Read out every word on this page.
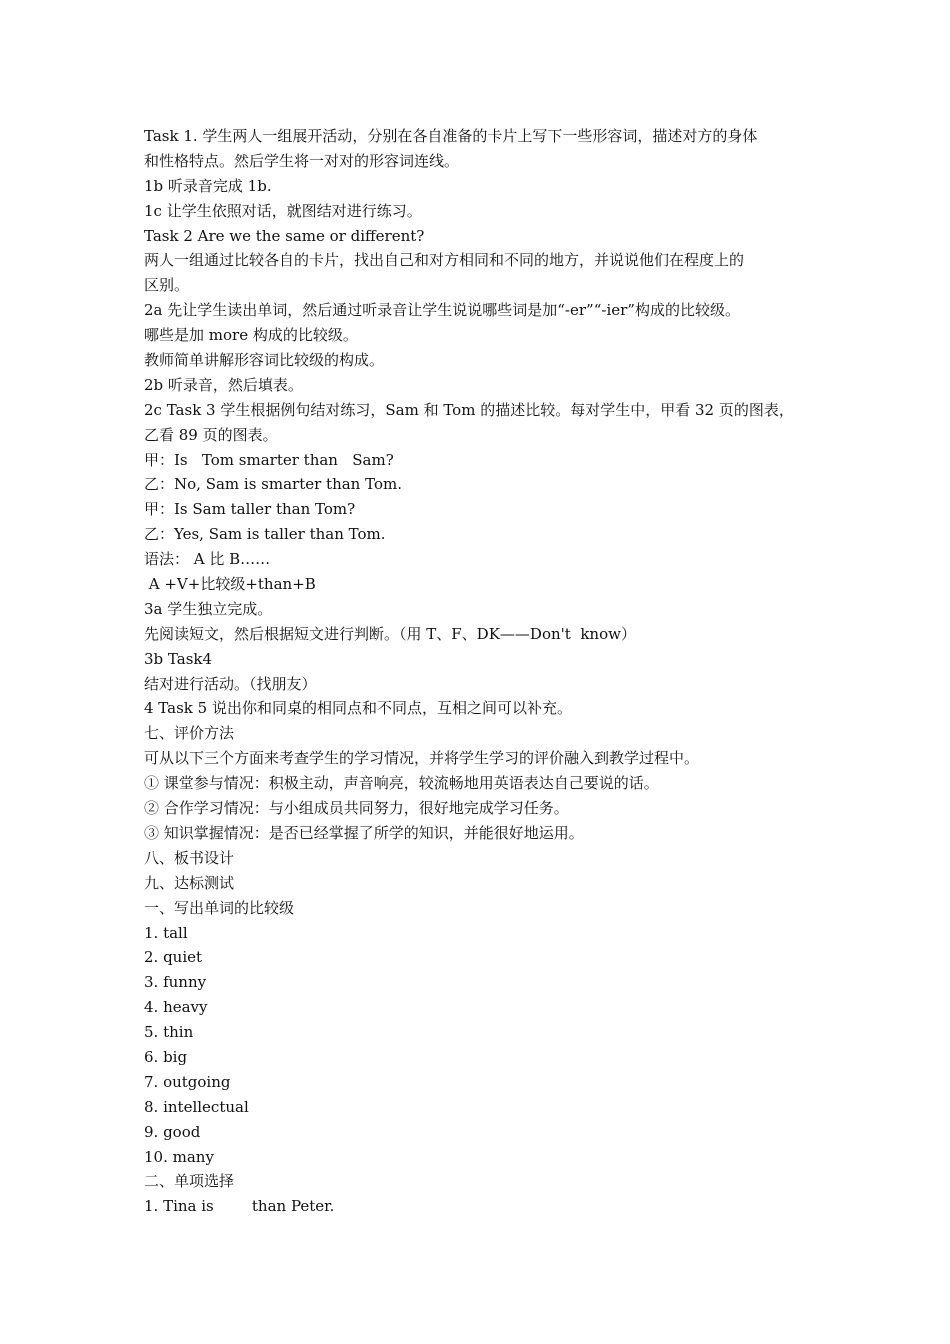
Task 1. 学生两人一组展开活动，分别在各自准备的卡片上写下一些形容词，描述对方的身体
和性格特点。然后学生将一对对的形容词连线。
1b 听录音完成 1b.
1c 让学生依照对话，就图结对进行练习。
Task 2 Are we the same or different?
两人一组通过比较各自的卡片，找出自己和对方相同和不同的地方，并说说他们在程度上的
区别。
2a 先让学生读出单词，然后通过听录音让学生说说哪些词是加“-er”“-ier”构成的比较级。
哪些是加 more 构成的比较级。
教师简单讲解形容词比较级的构成。
2b 听录音，然后填表。
2c Task 3 学生根据例句结对练习，Sam 和 Tom 的描述比较。每对学生中，甲看 32 页的图表，
乙看 89 页的图表。
甲：Is   Tom smarter than   Sam?
乙：No, Sam is smarter than Tom.
甲：Is Sam taller than Tom?
乙：Yes, Sam is taller than Tom.
语法： A 比 B……
A +V+比较级+than+B
3a 学生独立完成。
先阅读短文，然后根据短文进行判断。（用 T、F、DK——Don't  know）
3b Task4
结对进行活动。（找朋友）
4 Task 5 说出你和同桌的相同点和不同点，互相之间可以补充。
七、评价方法
可从以下三个方面来考查学生的学习情况，并将学生学习的评价融入到教学过程中。
① 课堂参与情况：积极主动，声音响亮，较流畅地用英语表达自己要说的话。
② 合作学习情况：与小组成员共同努力，很好地完成学习任务。
③ 知识掌握情况：是否已经掌握了所学的知识，并能很好地运用。
八、板书设计
九、达标测试
一、写出单词的比较级
1. tall
2. quiet
3. funny
4. heavy
5. thin
6. big
7. outgoing
8. intellectual
9. good
10. many
二、单项选择
1. Tina is        than Peter.
